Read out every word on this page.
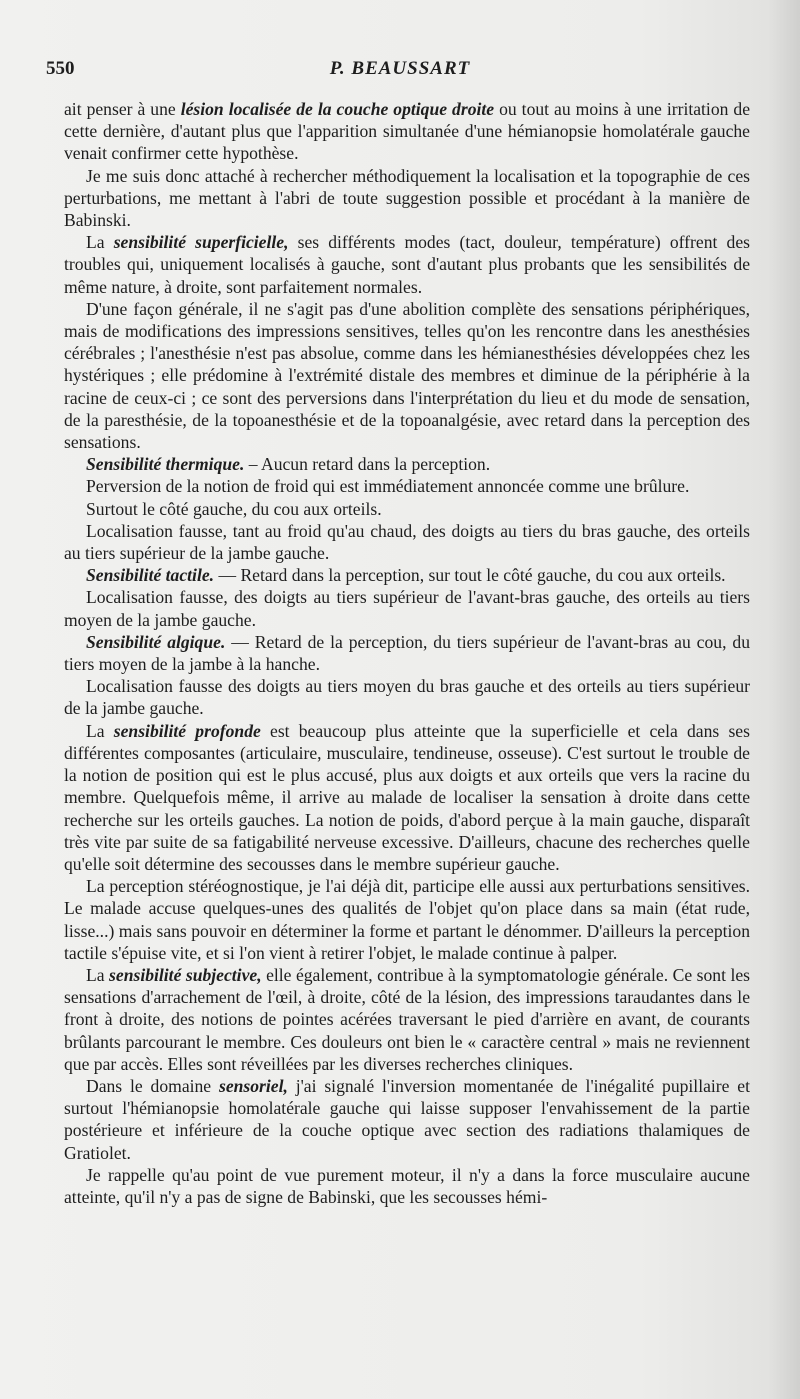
550	P. BEAUSSART

ait penser à une lésion localisée de la couche optique droite ou tout au moins à une irritation de cette dernière, d'autant plus que l'apparition simultanée d'une hémianopsie homolatérale gauche venait confirmer cette hypothèse.

Je me suis donc attaché à rechercher méthodiquement la localisation et la topographie de ces perturbations, me mettant à l'abri de toute suggestion possible et procédant à la manière de Babinski.

La sensibilité superficielle, ses différents modes (tact, douleur, température) offrent des troubles qui, uniquement localisés à gauche, sont d'autant plus probants que les sensibilités de même nature, à droite, sont parfaitement normales.

D'une façon générale, il ne s'agit pas d'une abolition complète des sensations périphériques, mais de modifications des impressions sensitives, telles qu'on les rencontre dans les anesthésies cérébrales ; l'anesthésie n'est pas absolue, comme dans les hémianesthésies développées chez les hystériques ; elle prédomine à l'extrémité distale des membres et diminue de la périphérie à la racine de ceux-ci ; ce sont des perversions dans l'interprétation du lieu et du mode de sensation, de la paresthésie, de la topoanesthésie et de la topoanalgésie, avec retard dans la perception des sensations.

Sensibilité thermique. – Aucun retard dans la perception.

Perversion de la notion de froid qui est immédiatement annoncée comme une brûlure.

Surtout le côté gauche, du cou aux orteils.

Localisation fausse, tant au froid qu'au chaud, des doigts au tiers du bras gauche, des orteils au tiers supérieur de la jambe gauche.

Sensibilité tactile. — Retard dans la perception, sur tout le côté gauche, du cou aux orteils.

Localisation fausse, des doigts au tiers supérieur de l'avant-bras gauche, des orteils au tiers moyen de la jambe gauche.

Sensibilité algique. — Retard de la perception, du tiers supérieur de l'avant-bras au cou, du tiers moyen de la jambe à la hanche.

Localisation fausse des doigts au tiers moyen du bras gauche et des orteils au tiers supérieur de la jambe gauche.

La sensibilité profonde est beaucoup plus atteinte que la superficielle et cela dans ses différentes composantes (articulaire, musculaire, tendineuse, osseuse). C'est surtout le trouble de la notion de position qui est le plus accusé, plus aux doigts et aux orteils que vers la racine du membre. Quelquefois même, il arrive au malade de localiser la sensation à droite dans cette recherche sur les orteils gauches. La notion de poids, d'abord perçue à la main gauche, disparaît très vite par suite de sa fatigabilité nerveuse excessive. D'ailleurs, chacune des recherches quelle qu'elle soit détermine des secousses dans le membre supérieur gauche.

La perception stéréognostique, je l'ai déjà dit, participe elle aussi aux perturbations sensitives. Le malade accuse quelques-unes des qualités de l'objet qu'on place dans sa main (état rude, lisse...) mais sans pouvoir en déterminer la forme et partant le dénommer. D'ailleurs la perception tactile s'épuise vite, et si l'on vient à retirer l'objet, le malade continue à palper.

La sensibilité subjective, elle également, contribue à la symptomatologie générale. Ce sont les sensations d'arrachement de l'œil, à droite, côté de la lésion, des impressions taraudantes dans le front à droite, des notions de pointes acérées traversant le pied d'arrière en avant, de courants brûlants parcourant le membre. Ces douleurs ont bien le « caractère central » mais ne reviennent que par accès. Elles sont réveillées par les diverses recherches cliniques.

Dans le domaine sensoriel, j'ai signalé l'inversion momentanée de l'inégalité pupillaire et surtout l'hémianopsie homolatérale gauche qui laisse supposer l'envahissement de la partie postérieure et inférieure de la couche optique avec section des radiations thalamiques de Gratiolet.

Je rappelle qu'au point de vue purement moteur, il n'y a dans la force musculaire aucune atteinte, qu'il n'y a pas de signe de Babinski, que les secousses hémi-
